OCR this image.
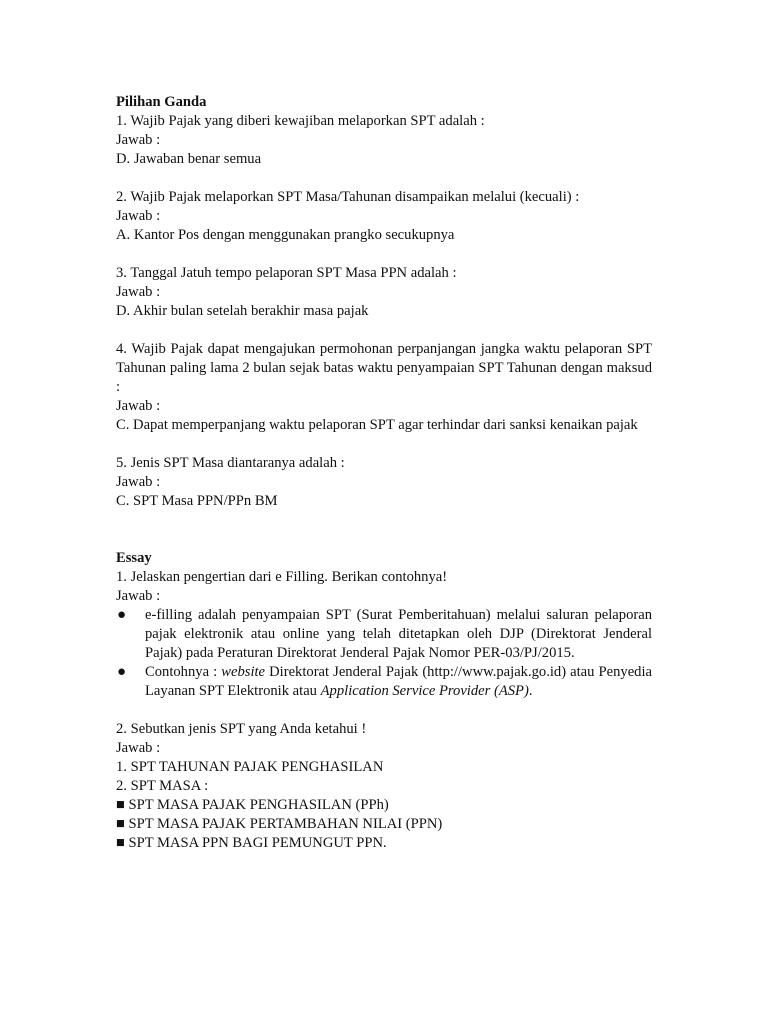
Pilihan Ganda
1. Wajib Pajak yang diberi kewajiban melaporkan SPT adalah :
Jawab :
D. Jawaban benar semua
2. Wajib Pajak melaporkan SPT Masa/Tahunan disampaikan melalui (kecuali) :
Jawab :
A. Kantor Pos dengan menggunakan prangko secukupnya
3. Tanggal Jatuh tempo pelaporan SPT Masa PPN adalah :
Jawab :
D. Akhir bulan setelah berakhir masa pajak
4. Wajib Pajak dapat mengajukan permohonan perpanjangan jangka waktu pelaporan SPT Tahunan paling lama 2 bulan sejak batas waktu penyampaian SPT Tahunan dengan maksud :
Jawab :
C. Dapat memperpanjang waktu pelaporan SPT agar terhindar dari sanksi kenaikan pajak
5. Jenis SPT Masa diantaranya adalah :
Jawab :
C. SPT Masa PPN/PPn BM
Essay
1. Jelaskan pengertian dari e Filling. Berikan contohnya!
Jawab :
●	e-filling adalah penyampaian SPT (Surat Pemberitahuan) melalui saluran pelaporan pajak elektronik atau online yang telah ditetapkan oleh DJP (Direktorat Jenderal Pajak) pada Peraturan Direktorat Jenderal Pajak Nomor PER-03/PJ/2015.
●	Contohnya : website Direktorat Jenderal Pajak (http://www.pajak.go.id) atau Penyedia Layanan SPT Elektronik atau Application Service Provider (ASP).
2. Sebutkan jenis SPT yang Anda ketahui !
Jawab :
1. SPT TAHUNAN PAJAK PENGHASILAN
2. SPT MASA :
■ SPT MASA PAJAK PENGHASILAN (PPh)
■ SPT MASA PAJAK PERTAMBAHAN NILAI (PPN)
■ SPT MASA PPN BAGI PEMUNGUT PPN.
